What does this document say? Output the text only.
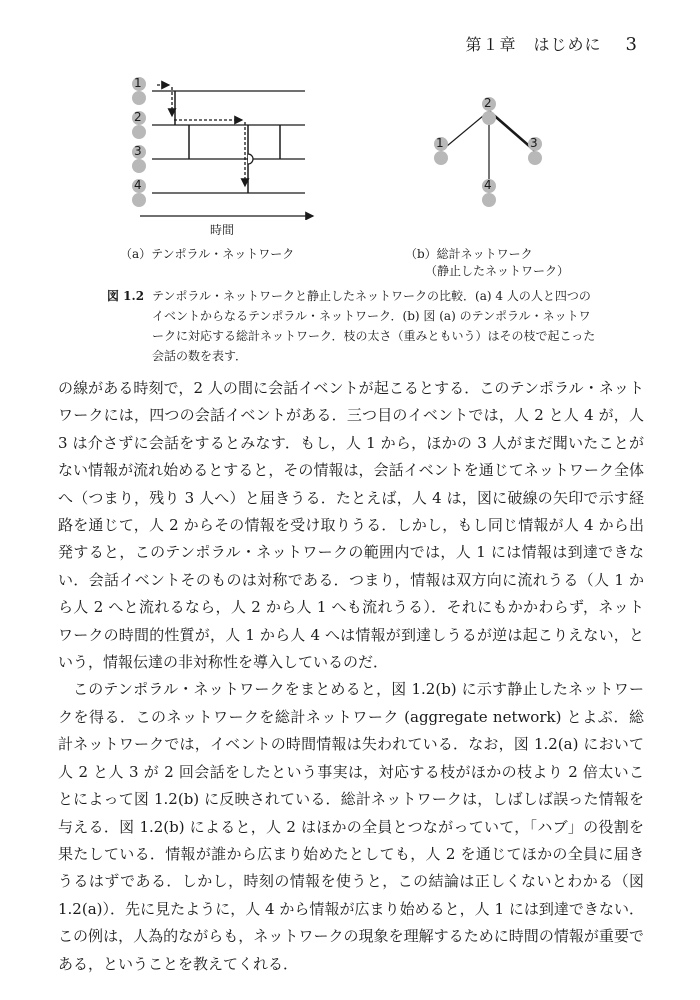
第１章　はじめに 3
1
2
3
4
2
1	3
4
時間
（a）テンポラル・ネットワーク	（b）総計ネットワーク
（静止したネットワーク）
図 1.2 テンポラル・ネットワークと静止したネットワークの比較．(a) 4 人の人と四つのイベントからなるテンポラル・ネットワーク．(b) 図 (a) のテンポラル・ネットワークに対応する総計ネットワーク．枝の太さ（重みともいう）はその枝で起こった会話の数を表す．

の線がある時刻で，2 人の間に会話イベントが起こるとする．このテンポラル・ネットワークには，四つの会話イベントがある．三つ目のイベントでは，人 2 と人 4 が，人 3 は介さずに会話をするとみなす．もし，人 1 から，ほかの 3 人がまだ聞いたことがない情報が流れ始めるとすると，その情報は，会話イベントを通じてネットワーク全体へ（つまり，残り 3 人へ）と届きうる．たとえば，人 4 は，図に破線の矢印で示す経路を通じて，人 2 からその情報を受け取りうる．しかし，もし同じ情報が人 4 から出発すると，このテンポラル・ネットワークの範囲内では，人 1 には情報は到達できない．会話イベントそのものは対称である．つまり，情報は双方向に流れうる（人 1 から人 2 へと流れるなら，人 2 から人 1 へも流れうる）．それにもかかわらず，ネットワークの時間的性質が，人 1 から人 4 へは情報が到達しうるが逆は起こりえない，という，情報伝達の非対称性を導入しているのだ．

このテンポラル・ネットワークをまとめると，図 1.2(b) に示す静止したネットワークを得る．このネットワークを総計ネットワーク (aggregate network) とよぶ．総計ネットワークでは，イベントの時間情報は失われている．なお，図 1.2(a) において人 2 と人 3 が 2 回会話をしたという事実は，対応する枝がほかの枝より 2 倍太いことによって図 1.2(b) に反映されている．総計ネットワークは，しばしば誤った情報を与える．図 1.2(b) によると，人 2 はほかの全員とつながっていて，「ハブ」の役割を果たしている．情報が誰から広まり始めたとしても，人 2 を通じてほかの全員に届きうるはずである．しかし，時刻の情報を使うと，この結論は正しくないとわかる（図 1.2(a)）．先に見たように，人 4 から情報が広まり始めると，人 1 には到達できない．この例は，人為的ながらも，ネットワークの現象を理解するために時間の情報が重要である，ということを教えてくれる．
